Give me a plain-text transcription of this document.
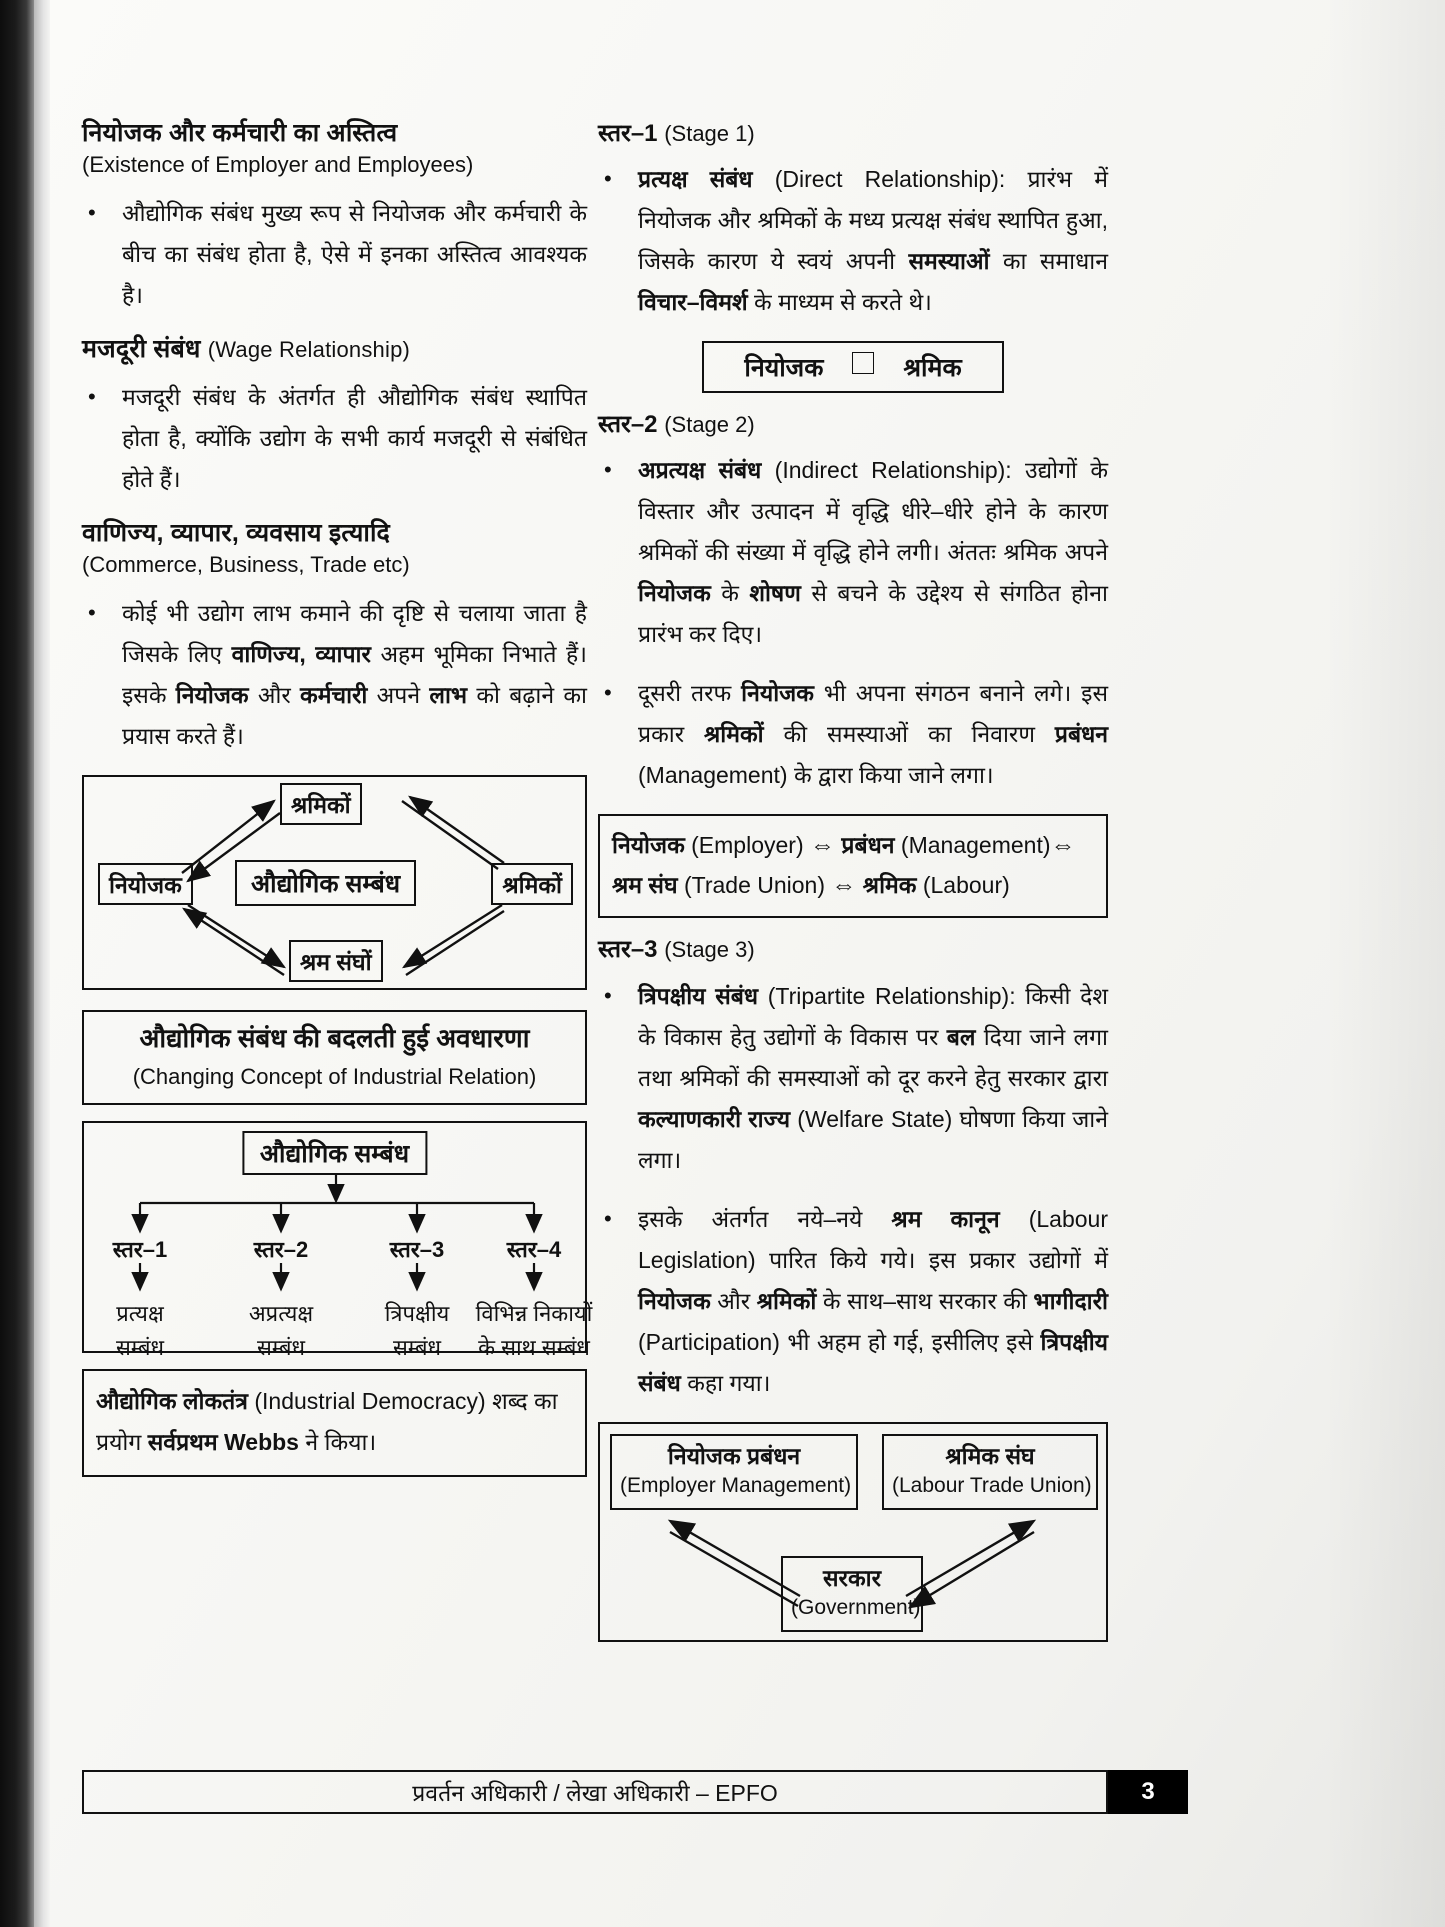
नियोजक और कर्मचारी का अस्तित्व
(Existence of Employer and Employees)
•	औद्योगिक संबंध मुख्य रूप से नियोजक और कर्मचारी के बीच का संबंध होता है, ऐसे में इनका अस्तित्व आवश्यक है।
मजदूरी संबंध (Wage Relationship)
•	मजदूरी संबंध के अंतर्गत ही औद्योगिक संबंध स्थापित होता है, क्योंकि उद्योग के सभी कार्य मजदूरी से संबंधित होते हैं।
वाणिज्य, व्यापार, व्यवसाय इत्यादि
(Commerce, Business, Trade etc)
•	कोई भी उद्योग लाभ कमाने की दृष्टि से चलाया जाता है जिसके लिए वाणिज्य, व्यापार अहम भूमिका निभाते हैं। इसके नियोजक और कर्मचारी अपने लाभ को बढ़ाने का प्रयास करते हैं।
श्रमिकों
नियोजक	श्रमिकों
श्रम संघों
औद्योगिक सम्बंध
औद्योगिक संबंध की बदलती हुई अवधारणा
(Changing Concept of Industrial Relation)
औद्योगिक सम्बंध
स्तर–1
प्रत्यक्ष
सम्बंध
स्तर–2
अप्रत्यक्ष
सम्बंध
स्तर–3
त्रिपक्षीय
सम्बंध
स्तर–4
विभिन्न निकायों
के साथ सम्बंध
औद्योगिक लोकतंत्र (Industrial Democracy) शब्द का प्रयोग सर्वप्रथम Webbs ने किया।
स्तर–1 (Stage 1)
•	प्रत्यक्ष संबंध (Direct Relationship): प्रारंभ में नियोजक और श्रमिकों के मध्य प्रत्यक्ष संबंध स्थापित हुआ, जिसके कारण ये स्वयं अपनी समस्याओं का समाधान विचार–विमर्श के माध्यम से करते थे।
नियोजक	श्रमिक
स्तर–2 (Stage 2)
•	अप्रत्यक्ष संबंध (Indirect Relationship): उद्योगों के विस्तार और उत्पादन में वृद्धि धीरे–धीरे होने के कारण श्रमिकों की संख्या में वृद्धि होने लगी। अंततः श्रमिक अपने नियोजक के शोषण से बचने के उद्देश्य से संगठित होना प्रारंभ कर दिए।
•	दूसरी तरफ नियोजक भी अपना संगठन बनाने लगे। इस प्रकार श्रमिकों की समस्याओं का निवारण प्रबंधन (Management) के द्वारा किया जाने लगा।
नियोजक (Employer) ⇔ प्रबंधन (Management)⇔
श्रम संघ (Trade Union) ⇔ श्रमिक (Labour)
स्तर–3 (Stage 3)
•	त्रिपक्षीय संबंध (Tripartite Relationship): किसी देश के विकास हेतु उद्योगों के विकास पर बल दिया जाने लगा तथा श्रमिकों की समस्याओं को दूर करने हेतु सरकार द्वारा कल्याणकारी राज्य (Welfare State) घोषणा किया जाने लगा।
•	इसके अंतर्गत नये–नये श्रम कानून (Labour Legislation) पारित किये गये। इस प्रकार उद्योगों में नियोजक और श्रमिकों के साथ–साथ सरकार की भागीदारी (Participation) भी अहम हो गई, इसीलिए इसे त्रिपक्षीय संबंध कहा गया।
नियोजक प्रबंधन
(Employer Management)
श्रमिक संघ
(Labour Trade Union)
सरकार
(Government)
प्रवर्तन अधिकारी / लेखा अधिकारी – EPFO	3
